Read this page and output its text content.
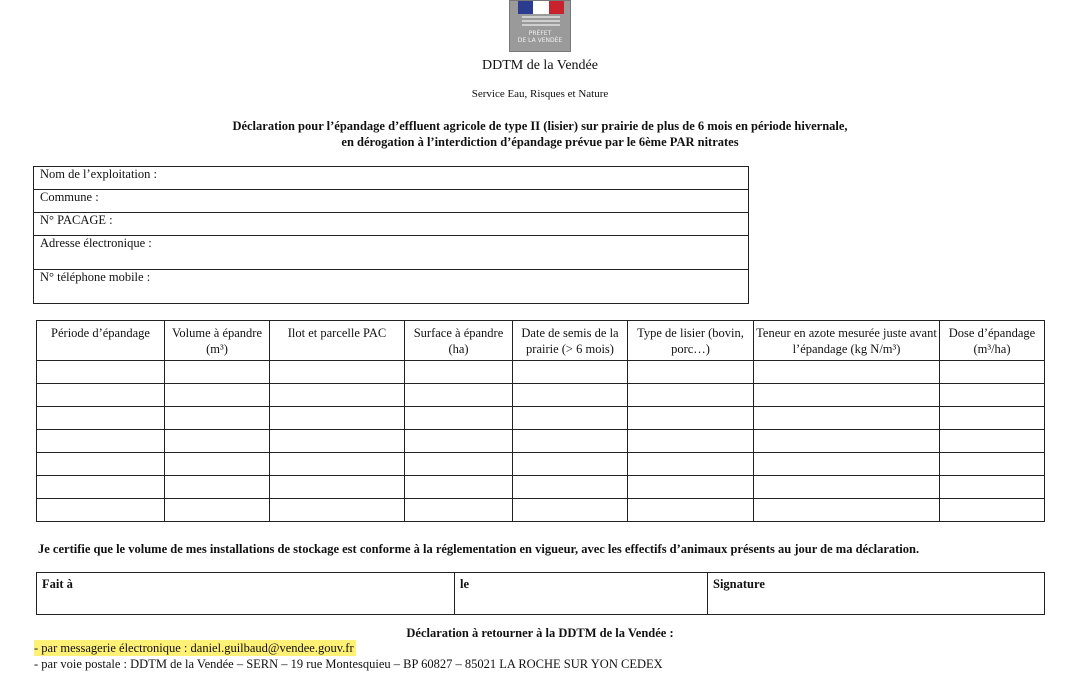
PRÉFET
DE LA VENDÉE
DDTM de la Vendée
Service Eau, Risques et Nature
Déclaration pour l’épandage d’effluent agricole de type II (lisier) sur prairie de plus de 6 mois en période hivernale,
en dérogation à l’interdiction d’épandage prévue par le 6ème PAR nitrates
Nom de l’exploitation :
Commune :
N° PACAGE :
Adresse électronique :
N° téléphone mobile :
Période d’épandage	Volume à épandre (m³)	Ilot et parcelle PAC	Surface à épandre (ha)	Date de semis de la prairie (> 6 mois)	Type de lisier (bovin, porc…)	Teneur en azote mesurée juste avant l’épandage (kg N/m³)	Dose d’épandage (m³/ha)

Je certifie que le volume de mes installations de stockage est conforme à la réglementation en vigueur, avec les effectifs d’animaux présents au jour de ma déclaration.
Fait à	le	Signature
Déclaration à retourner à la DDTM de la Vendée :
- par messagerie électronique : daniel.guilbaud@vendee.gouv.fr
- par voie postale : DDTM de la Vendée – SERN – 19 rue Montesquieu – BP 60827 – 85021 LA ROCHE SUR YON CEDEX
